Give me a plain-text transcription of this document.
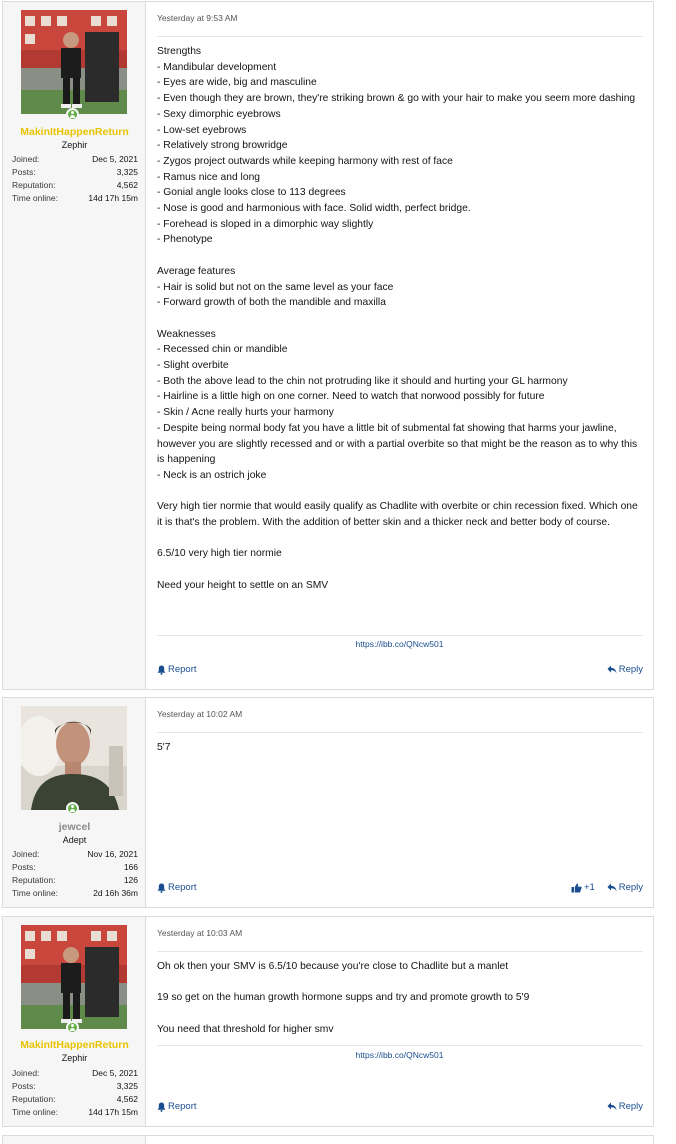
MakinItHappenReturn
Zephir
Joined:	Dec 5, 2021
Posts:	3,325
Reputation:	4,562
Time online:	14d 17h 15m
Yesterday at 9:53 AM

Strengths

- Mandibular development

- Eyes are wide, big and masculine

- Even though they are brown, they're striking brown & go with your hair to make you seem more dashing

- Sexy dimorphic eyebrows

- Low-set eyebrows

- Relatively strong browridge

- Zygos project outwards while keeping harmony with rest of face

- Ramus nice and long

- Gonial angle looks close to 113 degrees

- Nose is good and harmonious with face. Solid width, perfect bridge.

- Forehead is sloped in a dimorphic way slightly

- Phenotype

Average features

- Hair is solid but not on the same level as your face

- Forward growth of both the mandible and maxilla

Weaknesses

- Recessed chin or mandible

- Slight overbite

- Both the above lead to the chin not protruding like it should and hurting your GL harmony

- Hairline is a little high on one corner. Need to watch that norwood possibly for future

- Skin / Acne really hurts your harmony

- Despite being normal body fat you have a little bit of submental fat showing that harms your jawline, however you are slightly recessed and or with a partial overbite so that might be the reason as to why this is happening

- Neck is an ostrich joke

Very high tier normie that would easily qualify as Chadlite with overbite or chin recession fixed. Which one it is that's the problem. With the addition of better skin and a thicker neck and better body of course.

6.5/10 very high tier normie

Need your height to settle on an SMV

https://ibb.co/QNcw501
Report	Reply
jewcel
Adept
Joined:	Nov 16, 2021
Posts:	166
Reputation:	126
Time online:	2d 16h 36m
Yesterday at 10:02 AM

5'7

Report	+1	Reply
MakinItHappenReturn
Zephir
Joined:	Dec 5, 2021
Posts:	3,325
Reputation:	4,562
Time online:	14d 17h 15m
Yesterday at 10:03 AM

Oh ok then your SMV is 6.5/10 because you're close to Chadlite but a manlet

19 so get on the human growth hormone supps and try and promote growth to 5'9

You need that threshold for higher smv

https://ibb.co/QNcw501
Report	Reply
